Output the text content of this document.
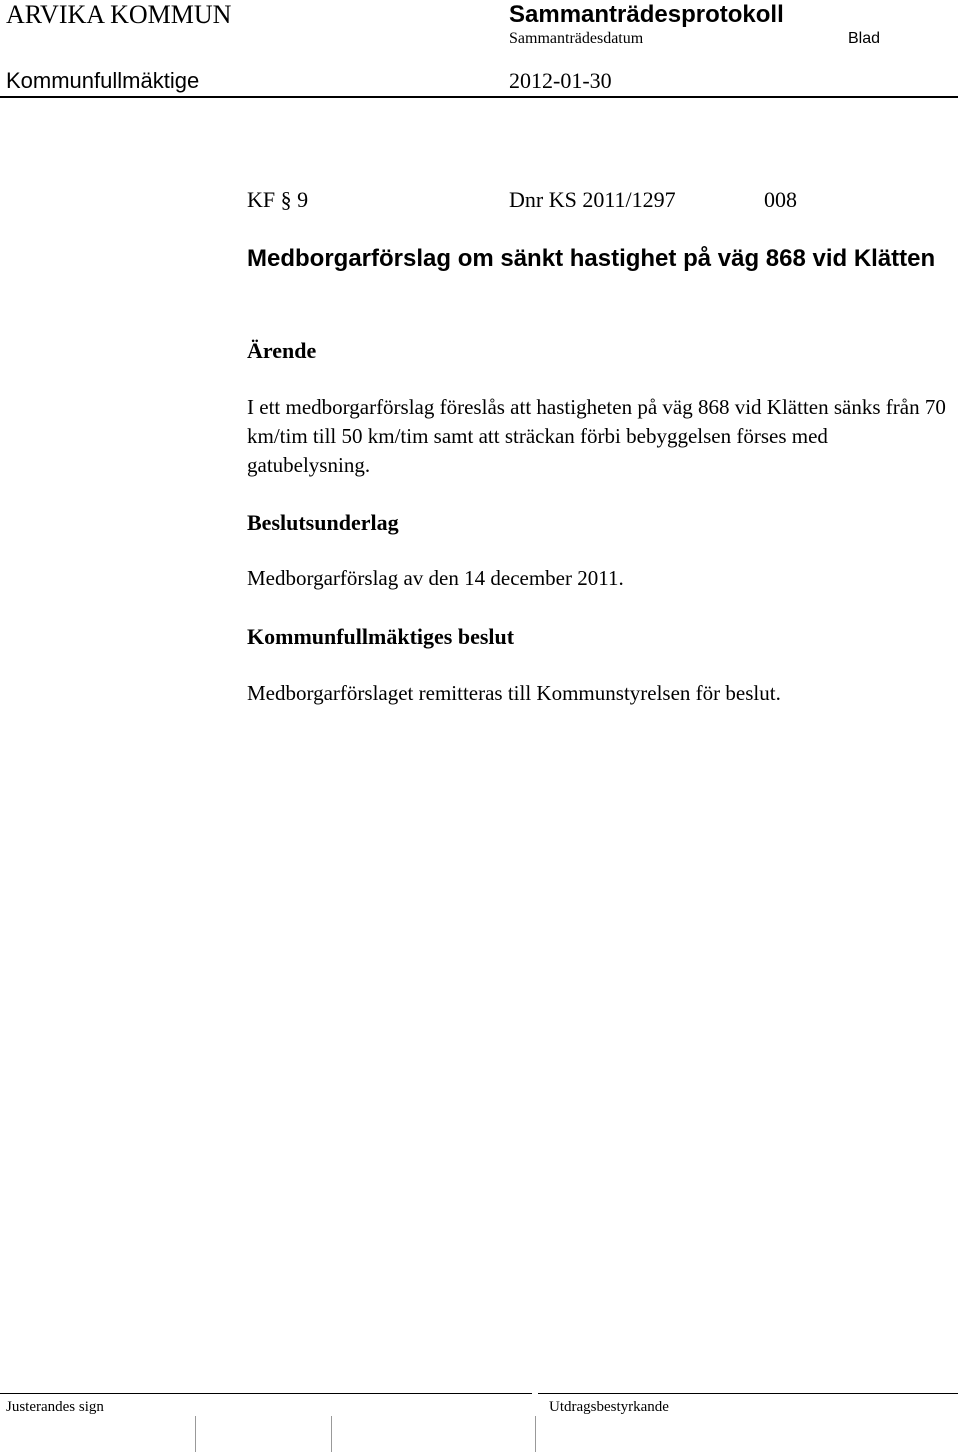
ARVIKA KOMMUN	Sammanträdesprotokoll
Sammanträdesdatum	Blad
Kommunfullmäktige	2012-01-30
KF § 9	Dnr KS 2011/1297	008
Medborgarförslag om sänkt hastighet på väg 868 vid Klätten
Ärende
I ett medborgarförslag föreslås att hastigheten på väg 868 vid Klätten sänks från 70 km/tim till 50 km/tim samt att sträckan förbi bebyggelsen förses med gatubelysning.
Beslutsunderlag
Medborgarförslag av den 14 december 2011.
Kommunfullmäktiges beslut
Medborgarförslaget remitteras till Kommunstyrelsen för beslut.
Justerandes sign	Utdragsbestyrkande
